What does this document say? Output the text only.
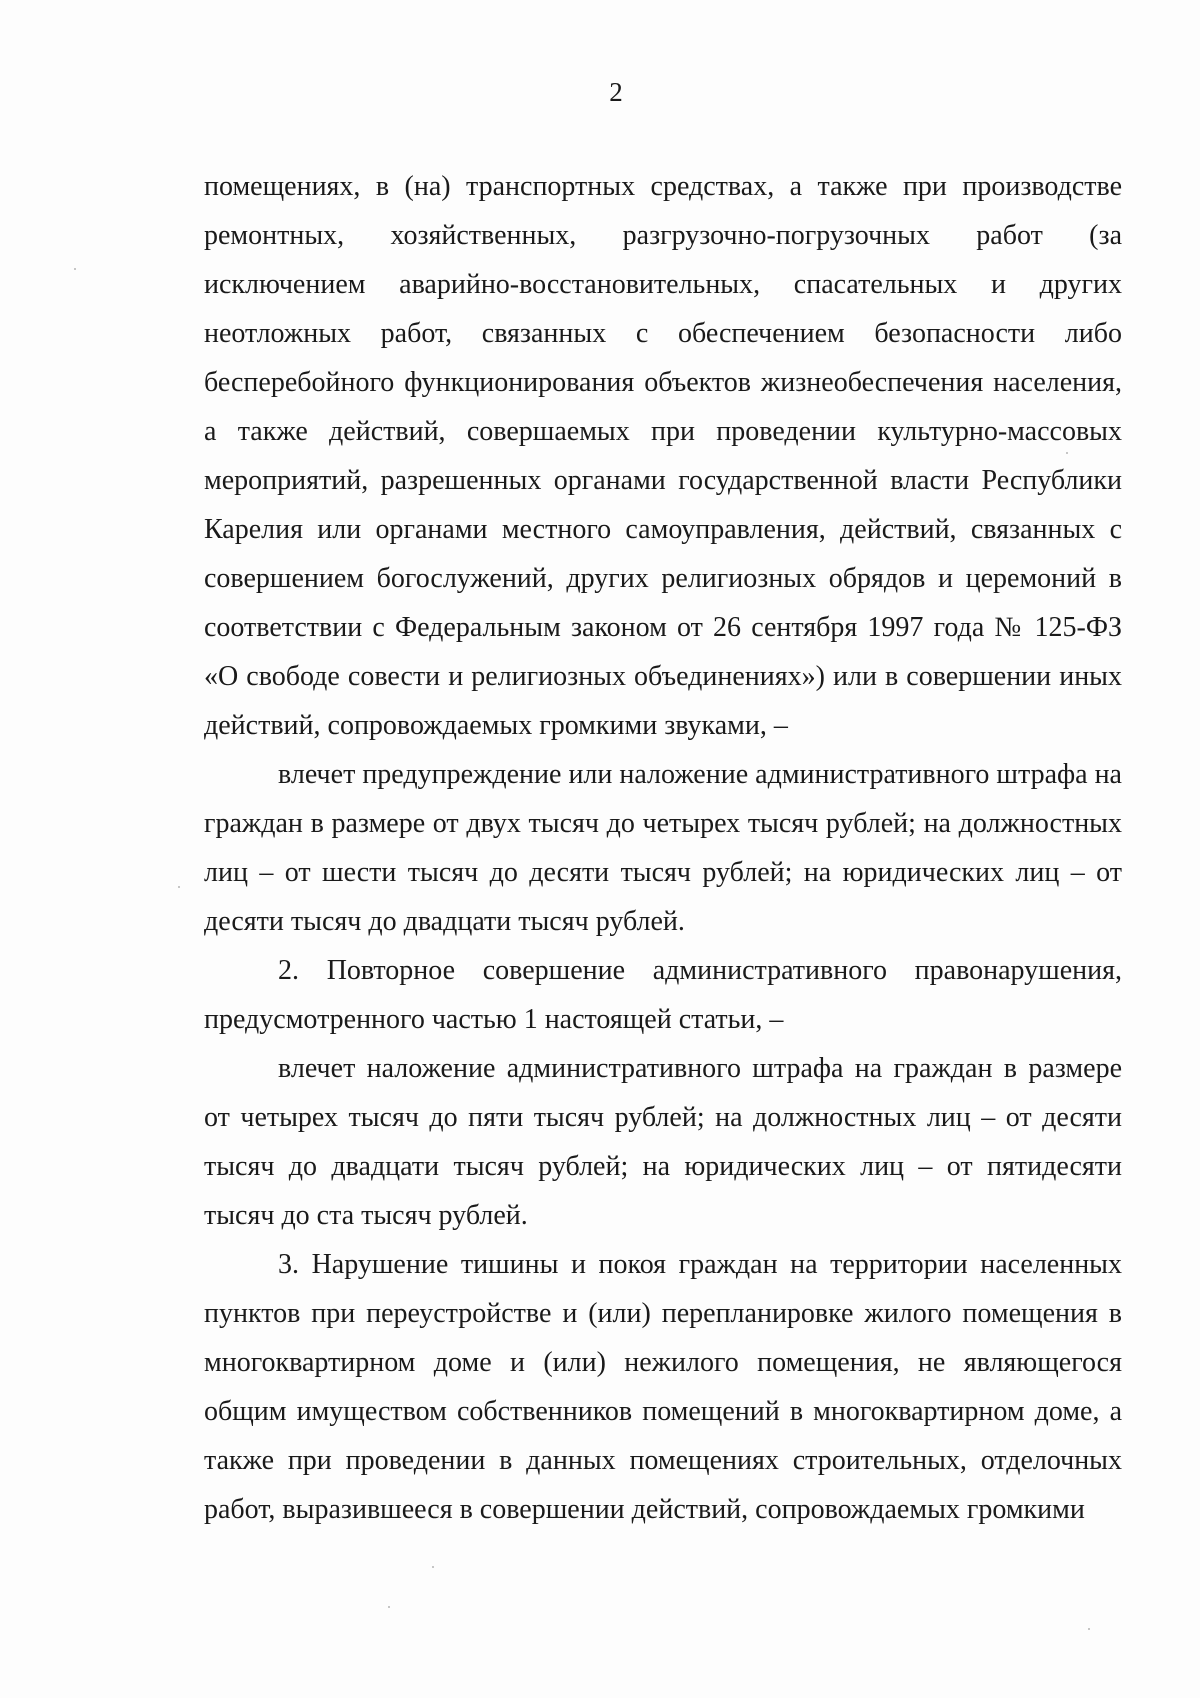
2

помещениях, в (на) транспортных средствах, а также при производстве ремонтных, хозяйственных, разгрузочно-погрузочных работ (за исключением аварийно-восстановительных, спасательных и других неотложных работ, связанных с обеспечением безопасности либо бесперебойного функционирования объектов жизнеобеспечения населения, а также действий, совершаемых при проведении культурно-массовых мероприятий, разрешенных органами государственной власти Республики Карелия или органами местного самоуправления, действий, связанных с совершением богослужений, других религиозных обрядов и церемоний в соответствии с Федеральным законом от 26 сентября 1997 года № 125-ФЗ «О свободе совести и религиозных объединениях») или в совершении иных действий, сопровождаемых громкими звуками, –

влечет предупреждение или наложение административного штрафа на граждан в размере от двух тысяч до четырех тысяч рублей; на должностных лиц – от шести тысяч до десяти тысяч рублей; на юридических лиц – от десяти тысяч до двадцати тысяч рублей.

2. Повторное совершение административного правонарушения, предусмотренного частью 1 настоящей статьи, –

влечет наложение административного штрафа на граждан в размере от четырех тысяч до пяти тысяч рублей; на должностных лиц – от десяти тысяч до двадцати тысяч рублей; на юридических лиц – от пятидесяти тысяч до ста тысяч рублей.

3. Нарушение тишины и покоя граждан на территории населенных пунктов при переустройстве и (или) перепланировке жилого помещения в многоквартирном доме и (или) нежилого помещения, не являющегося общим имуществом собственников помещений в многоквартирном доме, а также при проведении в данных помещениях строительных, отделочных работ, выразившееся в совершении действий, сопровождаемых громкими
